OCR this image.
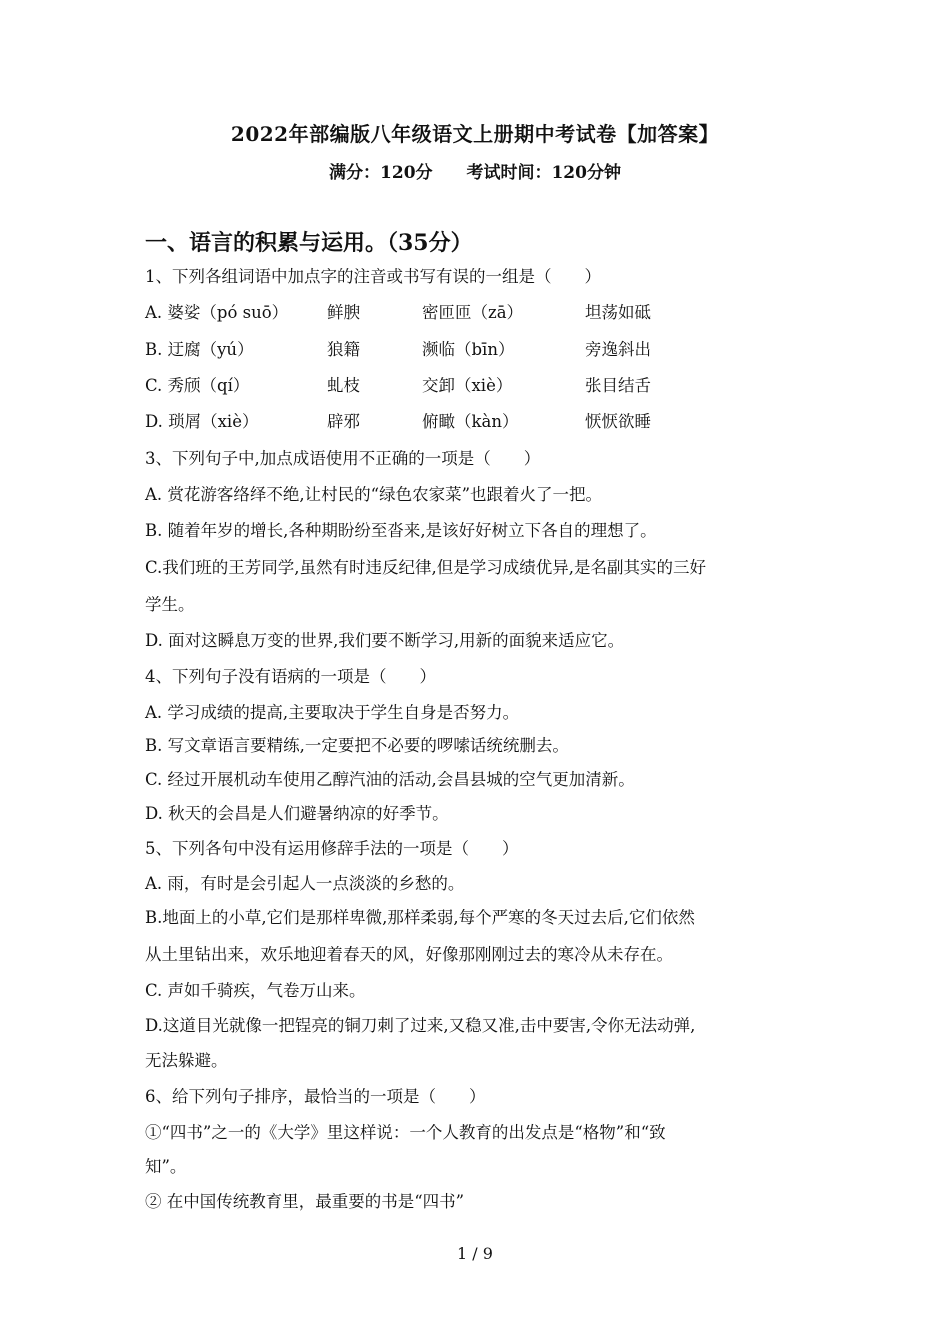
2022年部编版八年级语文上册期中考试卷【加答案】
满分：120分 考试时间：120分钟
一、语言的积累与运用。（35分）
1、下列各组词语中加点字的注音或书写有误的一组是（　　）
A. 婆娑（pó suō） 鲜腴	密匝匝（zā）	坦荡如砥
B. 迂腐（yú）	狼籍	濒临（bīn）	旁逸斜出
C. 秀颀（qí）	虬枝	交卸（xiè）	张目结舌
D. 琐屑（xiè）	辟邪	俯瞰（kàn）	恹恹欲睡
3、下列句子中,加点成语使用不正确的一项是（　　）
A. 赏花游客络绎不绝,让村民的“绿色农家菜”也跟着火了一把。
B. 随着年岁的增长,各种期盼纷至沓来,是该好好树立下各自的理想了。
C.我们班的王芳同学,虽然有时违反纪律,但是学习成绩优异,是名副其实的三好
学生。
D. 面对这瞬息万变的世界,我们要不断学习,用新的面貌来适应它。
4、下列句子没有语病的一项是（　　）
A. 学习成绩的提高,主要取决于学生自身是否努力。
B. 写文章语言要精练,一定要把不必要的啰嗦话统统删去。
C. 经过开展机动车使用乙醇汽油的活动,会昌县城的空气更加清新。
D. 秋天的会昌是人们避暑纳凉的好季节。
5、下列各句中没有运用修辞手法的一项是（　　）
A. 雨，有时是会引起人一点淡淡的乡愁的。
B.地面上的小草,它们是那样卑微,那样柔弱,每个严寒的冬天过去后,它们依然
从土里钻出来，欢乐地迎着春天的风，好像那刚刚过去的寒冷从未存在。
C. 声如千骑疾，气卷万山来。
D.这道目光就像一把锃亮的铜刀刺了过来,又稳又准,击中要害,令你无法动弹,
无法躲避。
6、给下列句子排序，最恰当的一项是（　　）
①“四书”之一的《大学》里这样说：一个人教育的出发点是“格物”和“致
知”。
② 在中国传统教育里，最重要的书是“四书”
1 / 9
